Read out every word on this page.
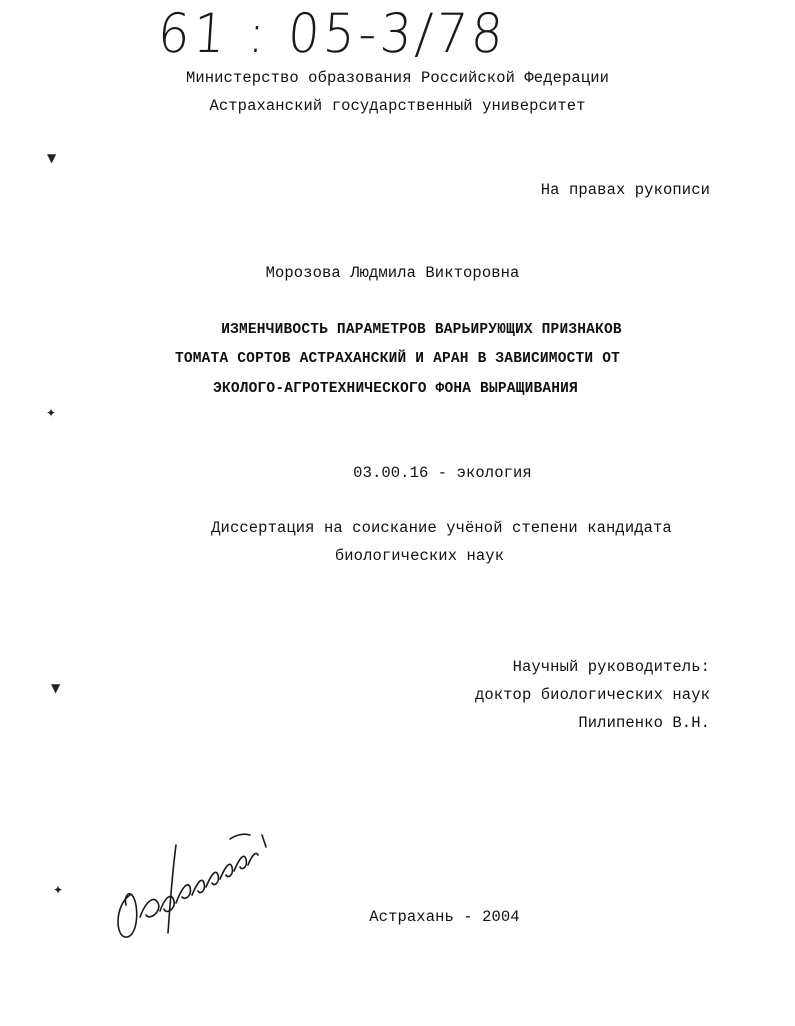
61 : 05-3/78
Министерство образования Российской Федерации
Астраханский государственный университет
На правах рукописи
Морозова Людмила Викторовна
ИЗМЕНЧИВОСТЬ ПАРАМЕТРОВ ВАРЬИРУЮЩИХ ПРИЗНАКОВ
ТОМАТА СОРТОВ АСТРАХАНСКИЙ И АРАН В ЗАВИСИМОСТИ ОТ
ЭКОЛОГО-АГРОТЕХНИЧЕСКОГО ФОНА ВЫРАЩИВАНИЯ
03.00.16 - экология
Диссертация на соискание учёной степени кандидата
биологических наук
Научный руководитель:
доктор биологических наук
Пилипенко В.Н.
Астрахань - 2004
▼
✦
▼
✦
